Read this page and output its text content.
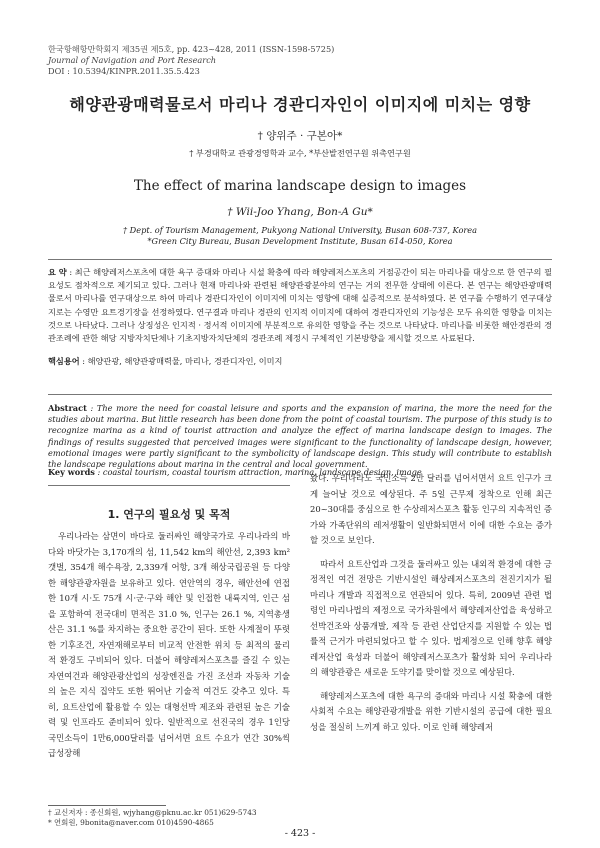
한국항해항만학회지 제35권 제5호, pp. 423~428, 2011 (ISSN-1598-5725)
Journal of Navigation and Port Research
DOI : 10.5394/KINPR.2011.35.5.423
해양관광매력물로서 마리나 경관디자인이 이미지에 미치는 영향
† 양위주 · 구본아*
† 부경대학교 관광경영학과 교수, *부산발전연구원 위촉연구원
The effect of marina landscape design to images
† Wii-Joo Yhang, Bon-A Gu*
† Dept. of Tourism Management, Pukyong National University, Busan 608-737, Korea
*Green City Bureau, Busan Development Institute, Busan 614-050, Korea
요 약 : 최근 해양레저스포츠에 대한 욕구 증대와 마리나 시설 확충에 따라 해양레저스포츠의 거점공간이 되는 마리나를 대상으로 한 연구의 필요성도 점차적으로 제기되고 있다. 그러나 현재 마리나와 관련된 해양관광분야의 연구는 거의 전무한 상태에 이른다. 본 연구는 해양관광매력물로서 마리나를 연구대상으로 하여 마리나 경관디자인이 이미지에 미치는 영향에 대해 실증적으로 분석하였다. 본 연구를 수행하기 연구대상지로는 수영만 요트경기장을 선정하였다. 연구결과 마리나 경관의 인지적 이미지에 대하여 경관디자인의 기능성은 모두 유의한 영향을 미치는 것으로 나타났다. 그러나 상징성은 인지적 · 정서적 이미지에 부분적으로 유의한 영향을 주는 것으로 나타났다. 마리나를 비롯한 해안경관의 경관조례에 관한 해당 지방자치단체나 기초지방자치단체의 경관조례 제정시 구체적인 기본방향을 제시할 것으로 사료된다.
핵심용어 : 해양관광, 해양관광매력물, 마리나, 경관디자인, 이미지
Abstract : The more the need for coastal leisure and sports and the expansion of marina, the more the need for the studies about marina. But little research has been done from the point of coastal tourism. The purpose of this study is to recognize marina as a kind of tourist attraction and analyze the effect of marina landscape design to images. The findings of results suggested that perceived images were significant to the functionality of landscape design, however, emotional images were partly significant to the symbolicity of landscape design. This study will contribute to establish the landscape regulations about marina in the central and local government.
Key words : coastal tourism, coastal tourism attraction, marina, landscape design, image
1. 연구의 필요성 및 목적

우리나라는 삼면이 바다로 둘러싸인 해양국가로 우리나라의 바다와 바닷가는 3,170개의 섬, 11,542 km의 해안선, 2,393 km² 갯벌, 354개 해수욕장, 2,339개 어항, 3개 해상국립공원 등 다양한 해양관광자원을 보유하고 있다. 연안역의 경우, 해안선에 연접한 10개 시·도 75개 시·군·구와 해안 및 인접한 내륙지역, 인근 섬을 포함하여 전국대비 면적은 31.0 %, 인구는 26.1 %, 지역총생산은 31.1 %를 차지하는 중요한 공간이 된다. 또한 사계절이 뚜렷한 기후조건, 자연재해로부터 비교적 안전한 위치 등 최적의 물리적 환경도 구비되어 있다. 더불어 해양레저스포츠를 즐길 수 있는 자연여건과 해양관광산업의 성장엔진을 가진 조선과 자동차 기술의 높은 지식 집약도 또한 뛰어난 기술적 여건도 갖추고 있다. 특히, 요트산업에 활용할 수 있는 대형선박 제조와 관련된 높은 기술력 및 인프라도 준비되어 있다. 일반적으로 선진국의 경우 1인당 국민소득이 1만6,000달러를 넘어서면 요트 수요가 연간 30%씩 급성장해

왔다. 우리나라도 국민소득 2만 달러를 넘어서면서 요트 인구가 크게 늘어날 것으로 예상된다. 주 5일 근무제 정착으로 인해 최근 20~30대를 중심으로 한 수상레저스포츠 활동 인구의 지속적인 증가와 가족단위의 레저생활이 일반화되면서 이에 대한 수요는 증가할 것으로 보인다.

따라서 요트산업과 그것을 둘러싸고 있는 내외적 환경에 대한 긍정적인 여건 전망은 기반시설인 해상레저스포츠의 전진기지가 될 마리나 개발과 직접적으로 연관되어 있다. 특히, 2009년 관련 법령인 마리나법의 제정으로 국가차원에서 해양레저산업을 육성하고 선박건조와 상품개발, 제작 등 관련 산업단지를 지원할 수 있는 법률적 근거가 마련되었다고 할 수 있다. 법제정으로 인해 향후 해양레저산업 육성과 더불어 해양레저스포츠가 활성화 되어 우리나라의 해양관광은 새로운 도약기를 맞이할 것으로 예상된다.

해양레저스포츠에 대한 욕구의 증대와 마리나 시설 확충에 대한 사회적 수요는 해양관광개발을 위한 기반시설의 공급에 대한 필요성을 절실히 느끼게 하고 있다. 이로 인해 해양레저

† 교신저자 : 종신회원, wjyhang@pknu.ac.kr 051)629-5743
* 연회원, 9bonita@naver.com 010)4590-4865
- 423 -
